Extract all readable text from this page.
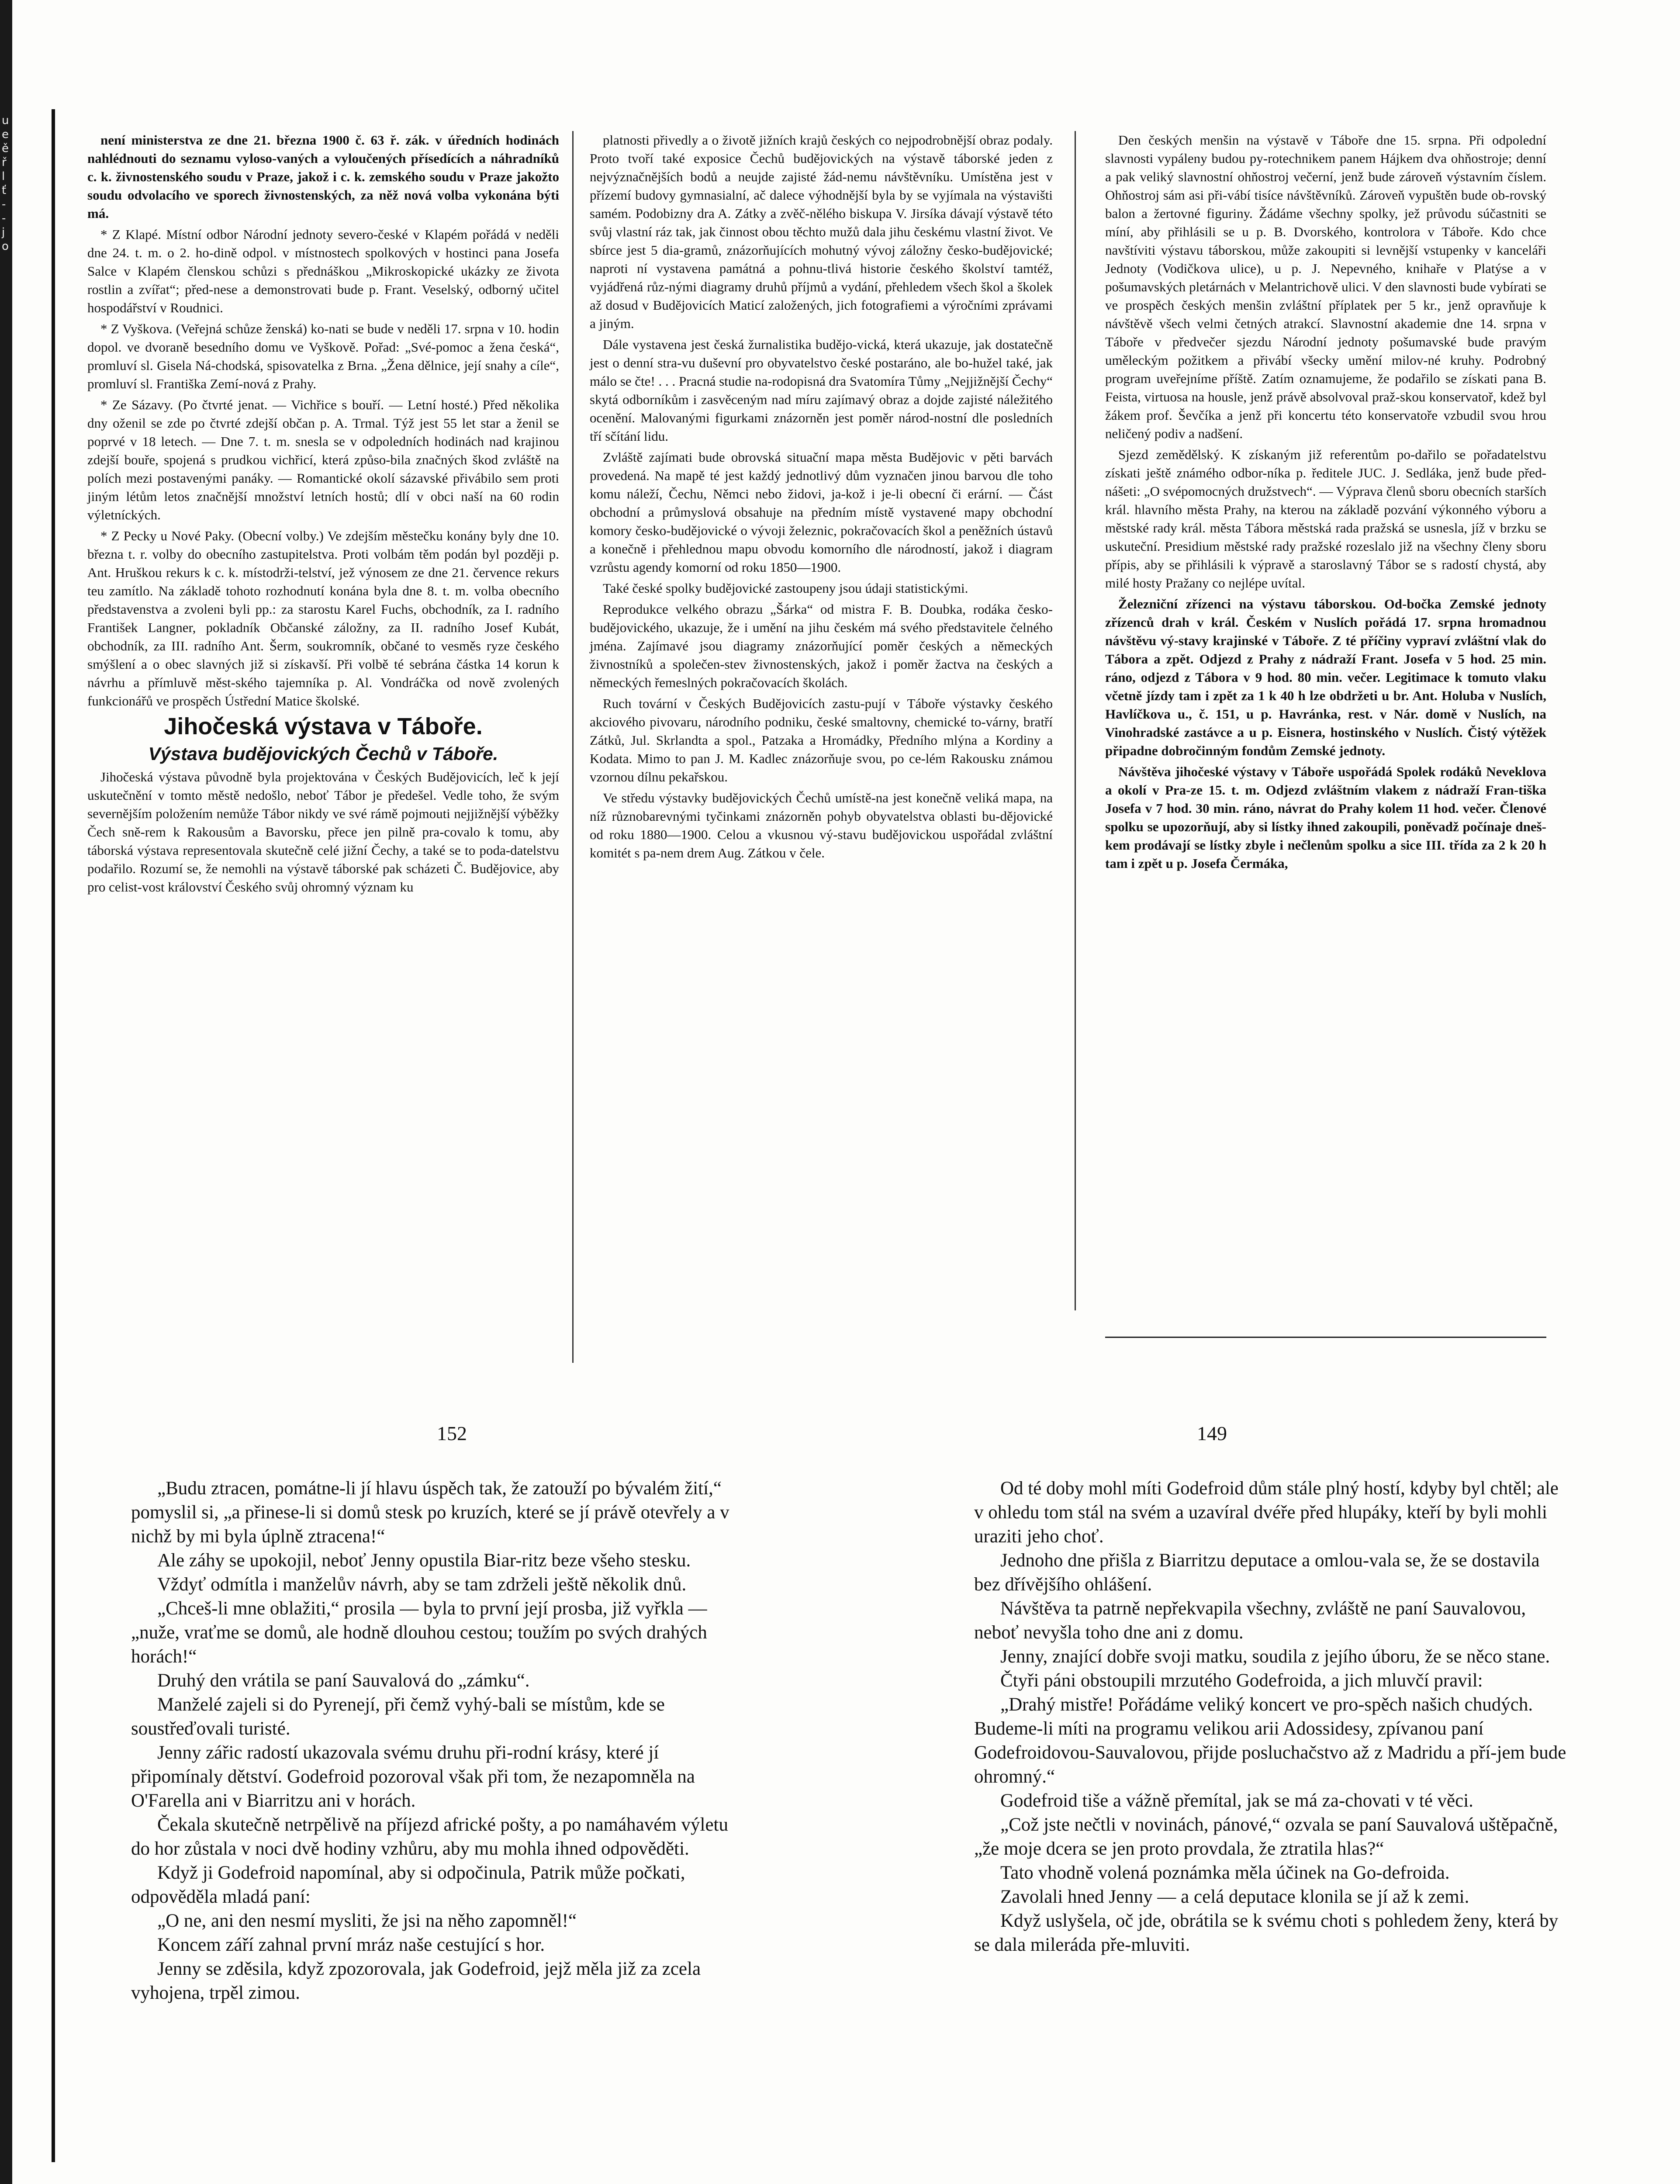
u
e
ě
ř
l
ť
-
-
j
o

není ministerstva ze dne 21. března 1900 č. 63 ř. zák. v úředních hodinách nahlédnouti do seznamu vyloso-vaných a vyloučených přísedících a náhradníků c. k. živnostenského soudu v Praze, jakož i c. k. zemského soudu v Praze jakožto soudu odvolacího ve sporech živnostenských, za něž nová volba vykonána býti má.

* Z Klapé. Místní odbor Národní jednoty severo-české v Klapém pořádá v neděli dne 24. t. m. o 2. ho-dině odpol. v místnostech spolkových v hostinci pana Josefa Salce v Klapém členskou schůzi s přednáškou „Mikroskopické ukázky ze života rostlin a zvířat“; před-nese a demonstrovati bude p. Frant. Veselský, odborný učitel hospodářství v Roudnici.

* Z Vyškova. (Veřejná schůze ženská) ko-nati se bude v neděli 17. srpna v 10. hodin dopol. ve dvoraně besedního domu ve Vyškově. Pořad: „Své-pomoc a žena česká“, promluví sl. Gisela Ná-chodská, spisovatelka z Brna. „Žena dělnice, její snahy a cíle“, promluví sl. Františka Zemí-nová z Prahy.

* Ze Sázavy. (Po čtvrté jenat. — Vichřice s bouří. — Letní hosté.) Před několika dny oženil se zde po čtvrté zdejší občan p. A. Trmal. Týž jest 55 let star a ženil se poprvé v 18 letech. — Dne 7. t. m. snesla se v odpoledních hodinách nad krajinou zdejší bouře, spojená s prudkou vichřicí, která způso-bila značných škod zvláště na polích mezi postavenými panáky. — Romantické okolí sázavské přivábilo sem proti jiným létům letos značnější množství letních hostů; dlí v obci naší na 60 rodin výletníckých.

* Z Pecky u Nové Paky. (Obecní volby.) Ve zdejším městečku konány byly dne 10. března t. r. volby do obecního zastupitelstva. Proti volbám těm podán byl později p. Ant. Hruškou rekurs k c. k. místodrži-telství, jež výnosem ze dne 21. července rekurs teu zamítlo. Na základě tohoto rozhodnutí konána byla dne 8. t. m. volba obecního představenstva a zvoleni byli pp.: za starostu Karel Fuchs, obchodník, za I. radního František Langner, pokladník Občanské záložny, za II. radního Josef Kubát, obchodník, za III. radního Ant. Šerm, soukromník, občané to vesměs ryze českého smýšlení a o obec slavných již si získavší. Při volbě té sebrána částka 14 korun k návrhu a přímluvě měst-ského tajemníka p. Al. Vondráčka od nově zvolených funkcionářů ve prospěch Ústřední Matice školské.

Jihočeská výstava v Táboře.

Výstava budějovických Čechů v Táboře.

Jihočeská výstava původně byla projektována v Českých Budějovicích, leč k její uskutečnění v tomto městě nedošlo, neboť Tábor je předešel. Vedle toho, že svým severnějším položením nemůže Tábor nikdy ve své rámě pojmouti nejjižnější výběžky Čech sně-rem k Rakousům a Bavorsku, přece jen pilně pra-covalo k tomu, aby táborská výstava representovala skutečně celé jižní Čechy, a také se to poda-datelstvu podařilo. Rozumí se, že nemohli na výstavě táborské pak scházeti Č. Budějovice, aby pro celist-vost království Českého svůj ohromný význam ku

platnosti přivedly a o životě jižních krajů českých co nejpodrobnější obraz podaly. Proto tvoří také exposice Čechů budějovických na výstavě táborské jeden z nejvýznačnějších bodů a neujde zajisté žád-nemu návštěvníku. Umístěna jest v přízemí budovy gymnasialní, ač dalece výhodnější byla by se vyjímala na výstavišti samém. Podobizny dra A. Zátky a zvěč-nělého biskupa V. Jirsíka dávají výstavě této svůj vlastní ráz tak, jak činnost obou těchto mužů dala jihu českému vlastní život. Ve sbírce jest 5 dia-gramů, znázorňujících mohutný vývoj záložny česko-budějovické; naproti ní vystavena památná a pohnu-tlivá historie českého školství tamtéž, vyjádřená růz-nými diagramy druhů příjmů a vydání, přehledem všech škol a školek až dosud v Budějovicích Maticí založených, jich fotografiemi a výročními zprávami a jiným.

Dále vystavena jest česká žurnalistika budějo-vická, která ukazuje, jak dostatečně jest o denní stra-vu duševní pro obyvatelstvo české postaráno, ale bo-hužel také, jak málo se čte! . . . Pracná studie na-rodopisná dra Svatomíra Tůmy „Nejjižnější Čechy“ skytá odborníkům i zasvěceným nad míru zajímavý obraz a dojde zajisté náležitého ocenění. Malovanými figurkami znázorněn jest poměr národ-nostní dle posledních tří sčítání lidu.

Zvláště zajímati bude obrovská situační mapa města Budějovic v pěti barvách provedená. Na mapě té jest každý jednotlivý dům vyznačen jinou barvou dle toho komu náleží, Čechu, Němci nebo židovi, ja-kož i je-li obecní či erární. — Část obchodní a průmyslová obsahuje na předním místě vystavené mapy obchodní komory česko-budějovické o vývoji železnic, pokračovacích škol a peněžních ústavů a konečně i přehlednou mapu obvodu komorního dle národností, jakož i diagram vzrůstu agendy komorní od roku 1850—1900.

Také české spolky budějovické zastoupeny jsou údaji statistickými.

Reprodukce velkého obrazu „Šárka“ od mistra F. B. Doubka, rodáka česko-budějovického, ukazuje, že i umění na jihu českém má svého představitele čelného jména. Zajímavé jsou diagramy znázorňující poměr českých a německých živnostníků a společen-stev živnostenských, jakož i poměr žactva na českých a německých řemeslných pokračovacích školách.

Ruch tovární v Českých Budějovicích zastu-pují v Táboře výstavky českého akciového pivovaru, národního podniku, české smaltovny, chemické to-várny, bratří Zátků, Jul. Skrlandta a spol., Patzaka a Hromádky, Předního mlýna a Kordiny a Kodata. Mimo to pan J. M. Kadlec znázorňuje svou, po ce-lém Rakousku známou vzornou dílnu pekařskou.

Ve středu výstavky budějovických Čechů umístě-na jest konečně veliká mapa, na níž různobarevnými tyčinkami znázorněn pohyb obyvatelstva oblasti bu-dějovické od roku 1880—1900. Celou a vkusnou vý-stavu budějovickou uspořádal zvláštní komitét s pa-nem drem Aug. Zátkou v čele.

Den českých menšin na výstavě v Táboře dne 15. srpna. Při odpolední slavnosti vypáleny budou py-rotechnikem panem Hájkem dva ohňostroje; denní a pak veliký slavnostní ohňostroj večerní, jenž bude zároveň výstavním číslem. Ohňostroj sám asi při-vábí tisíce návštěvníků. Zároveň vypuštěn bude ob-rovský balon a žertovné figuriny. Žádáme všechny spolky, jež průvodu súčastniti se míní, aby přihlásili se u p. B. Dvorského, kontrolora v Táboře. Kdo chce navštíviti výstavu táborskou, může zakoupiti si levnější vstupenky v kanceláři Jednoty (Vodičkova ulice), u p. J. Nepevného, knihaře v Platýse a v pošumavských pletárnách v Melantrichově ulici. V den slavnosti bude vybírati se ve prospěch českých menšin zvláštní příplatek per 5 kr., jenž opravňuje k návštěvě všech velmi četných atrakcí. Slavnostní akademie dne 14. srpna v Táboře v předvečer sjezdu Národní jednoty pošumavské bude pravým uměleckým požitkem a přivábí všecky umění milov-né kruhy. Podrobný program uveřejníme příště. Zatím oznamujeme, že podařilo se získati pana B. Feista, virtuosa na housle, jenž právě absolvoval praž-skou konservatoř, kdež byl žákem prof. Ševčíka a jenž při koncertu této konservatoře vzbudil svou hrou neličený podiv a nadšení.

Sjezd zemědělský. K získaným již referentům po-dařilo se pořadatelstvu získati ještě známého odbor-níka p. ředitele JUC. J. Sedláka, jenž bude před-nášeti: „O svépomocných družstvech“. — Výprava členů sboru obecních starších král. hlavního města Prahy, na kterou na základě pozvání výkonného výboru a městské rady král. města Tábora městská rada pražská se usnesla, jíž v brzku se uskuteční. Presidium městské rady pražské rozeslalo již na všechny členy sboru přípis, aby se přihlásili k výpravě a staroslavný Tábor se s radostí chystá, aby milé hosty Pražany co nejlépe uvítal.

Železniční zřízenci na výstavu táborskou. Od-bočka Zemské jednoty zřízenců drah v král. Českém v Nuslích pořádá 17. srpna hromadnou návštěvu vý-stavy krajinské v Táboře. Z té příčiny vypraví zvláštní vlak do Tábora a zpět. Odjezd z Prahy z nádraží Frant. Josefa v 5 hod. 25 min. ráno, odjezd z Tábora v 9 hod. 80 min. večer. Legitimace k tomuto vlaku včetně jízdy tam i zpět za 1 k 40 h lze obdržeti u br. Ant. Holuba v Nuslích, Havlíčkova u., č. 151, u p. Havránka, rest. v Nár. domě v Nuslích, na Vinohradské zastávce a u p. Eisnera, hostinského v Nuslích. Čistý výtěžek připadne dobročinným fondům Zemské jednoty.

Návštěva jihočeské výstavy v Táboře uspořádá Spolek rodáků Neveklova a okolí v Pra-ze 15. t. m. Odjezd zvláštním vlakem z nádraží Fran-tiška Josefa v 7 hod. 30 min. ráno, návrat do Prahy kolem 11 hod. večer. Členové spolku se upozorňují, aby si lístky ihned zakoupili, poněvadž počínaje dneš-kem prodávají se lístky zbyle i nečlenům spolku a sice III. třída za 2 k 20 h tam i zpět u p. Josefa Čermáka,

152	149

„Budu ztracen, pomátne-li jí hlavu úspěch tak, že zatouží po bývalém žití,“ pomyslil si, „a přinese-li si domů stesk po kruzích, které se jí právě otevřely a v nichž by mi byla úplně ztracena!“

Ale záhy se upokojil, neboť Jenny opustila Biar-ritz beze všeho stesku.

Vždyť odmítla i manželův návrh, aby se tam zdrželi ještě několik dnů.

„Chceš-li mne oblažiti,“ prosila — byla to první její prosba, již vyřkla — „nuže, vraťme se domů, ale hodně dlouhou cestou; toužím po svých drahých horách!“

Druhý den vrátila se paní Sauvalová do „zámku“.

Manželé zajeli si do Pyrenejí, při čemž vyhý-bali se místům, kde se soustřeďovali turisté.

Jenny zářic radostí ukazovala svému druhu při-rodní krásy, které jí připomínaly dětství. Godefroid pozoroval však při tom, že nezapomněla na O'Farella ani v Biarritzu ani v horách.

Čekala skutečně netrpělivě na příjezd africké pošty, a po namáhavém výletu do hor zůstala v noci dvě hodiny vzhůru, aby mu mohla ihned odpověděti.

Když ji Godefroid napomínal, aby si odpočinula, Patrik může počkati, odpověděla mladá paní:

„O ne, ani den nesmí mysliti, že jsi na něho zapomněl!“

Koncem září zahnal první mráz naše cestující s hor.

Jenny se zděsila, když zpozorovala, jak Godefroid, jejž měla již za zcela vyhojena, trpěl zimou.

Od té doby mohl míti Godefroid dům stále plný hostí, kdyby byl chtěl; ale v ohledu tom stál na svém a uzavíral dvéře před hlupáky, kteří by byli mohli uraziti jeho choť.

Jednoho dne přišla z Biarritzu deputace a omlou-vala se, že se dostavila bez dřívějšího ohlášení.

Návštěva ta patrně nepřekvapila všechny, zvláště ne paní Sauvalovou, neboť nevyšla toho dne ani z domu.

Jenny, znající dobře svoji matku, soudila z jejího úboru, že se něco stane.

Čtyři páni obstoupili mrzutého Godefroida, a jich mluvčí pravil:

„Drahý mistře! Pořádáme veliký koncert ve pro-spěch našich chudých. Budeme-li míti na programu velikou arii Adossidesy, zpívanou paní Godefroidovou-Sauvalovou, přijde posluchačstvo až z Madridu a pří-jem bude ohromný.“

Godefroid tiše a vážně přemítal, jak se má za-chovati v té věci.

„Což jste nečtli v novinách, pánové,“ ozvala se paní Sauvalová uštěpačně, „že moje dcera se jen proto provdala, že ztratila hlas?“

Tato vhodně volená poznámka měla účinek na Go-defroida.

Zavolali hned Jenny — a celá deputace klonila se jí až k zemi.

Když uslyšela, oč jde, obrátila se k svému choti s pohledem ženy, která by se dala mileráda pře-mluviti.
